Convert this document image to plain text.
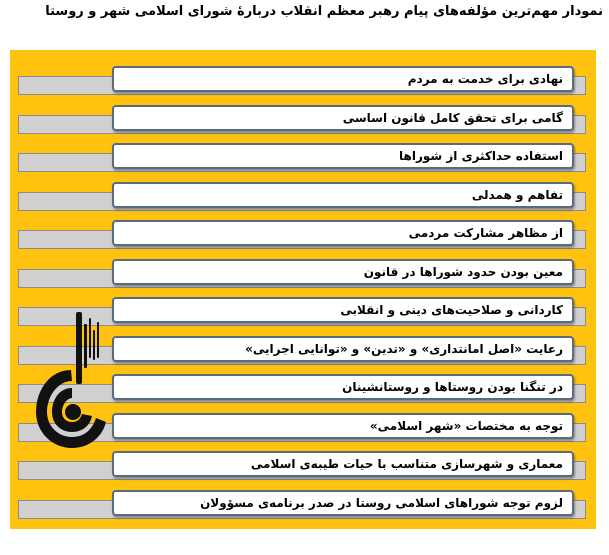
نمودار مهم‌ترین مؤلفه‌های پیام رهبر معظم انقلاب دربارهٔ شورای اسلامی شهر و روستا
نهادی برای خدمت به مردم
گامی برای تحقق کامل قانون اساسی
استفاده حداکثری از شوراها
تفاهم و همدلی
از مظاهر مشارکت مردمی
معین بودن حدود شوراها در قانون
کاردانی و صلاحیت‌های دینی و انقلابی
رعایت «اصل امانتداری» و «تدین» و «توانایی اجرایی»
در تنگنا بودن روستاها و روستانشینان
توجه به مختصات «شهر اسلامی»
معماری و شهرسازی متناسب با حیات طیبه‌ی اسلامی
لزوم توجه شوراهای اسلامی روستا در صدر برنامه‌ی مسؤولان
